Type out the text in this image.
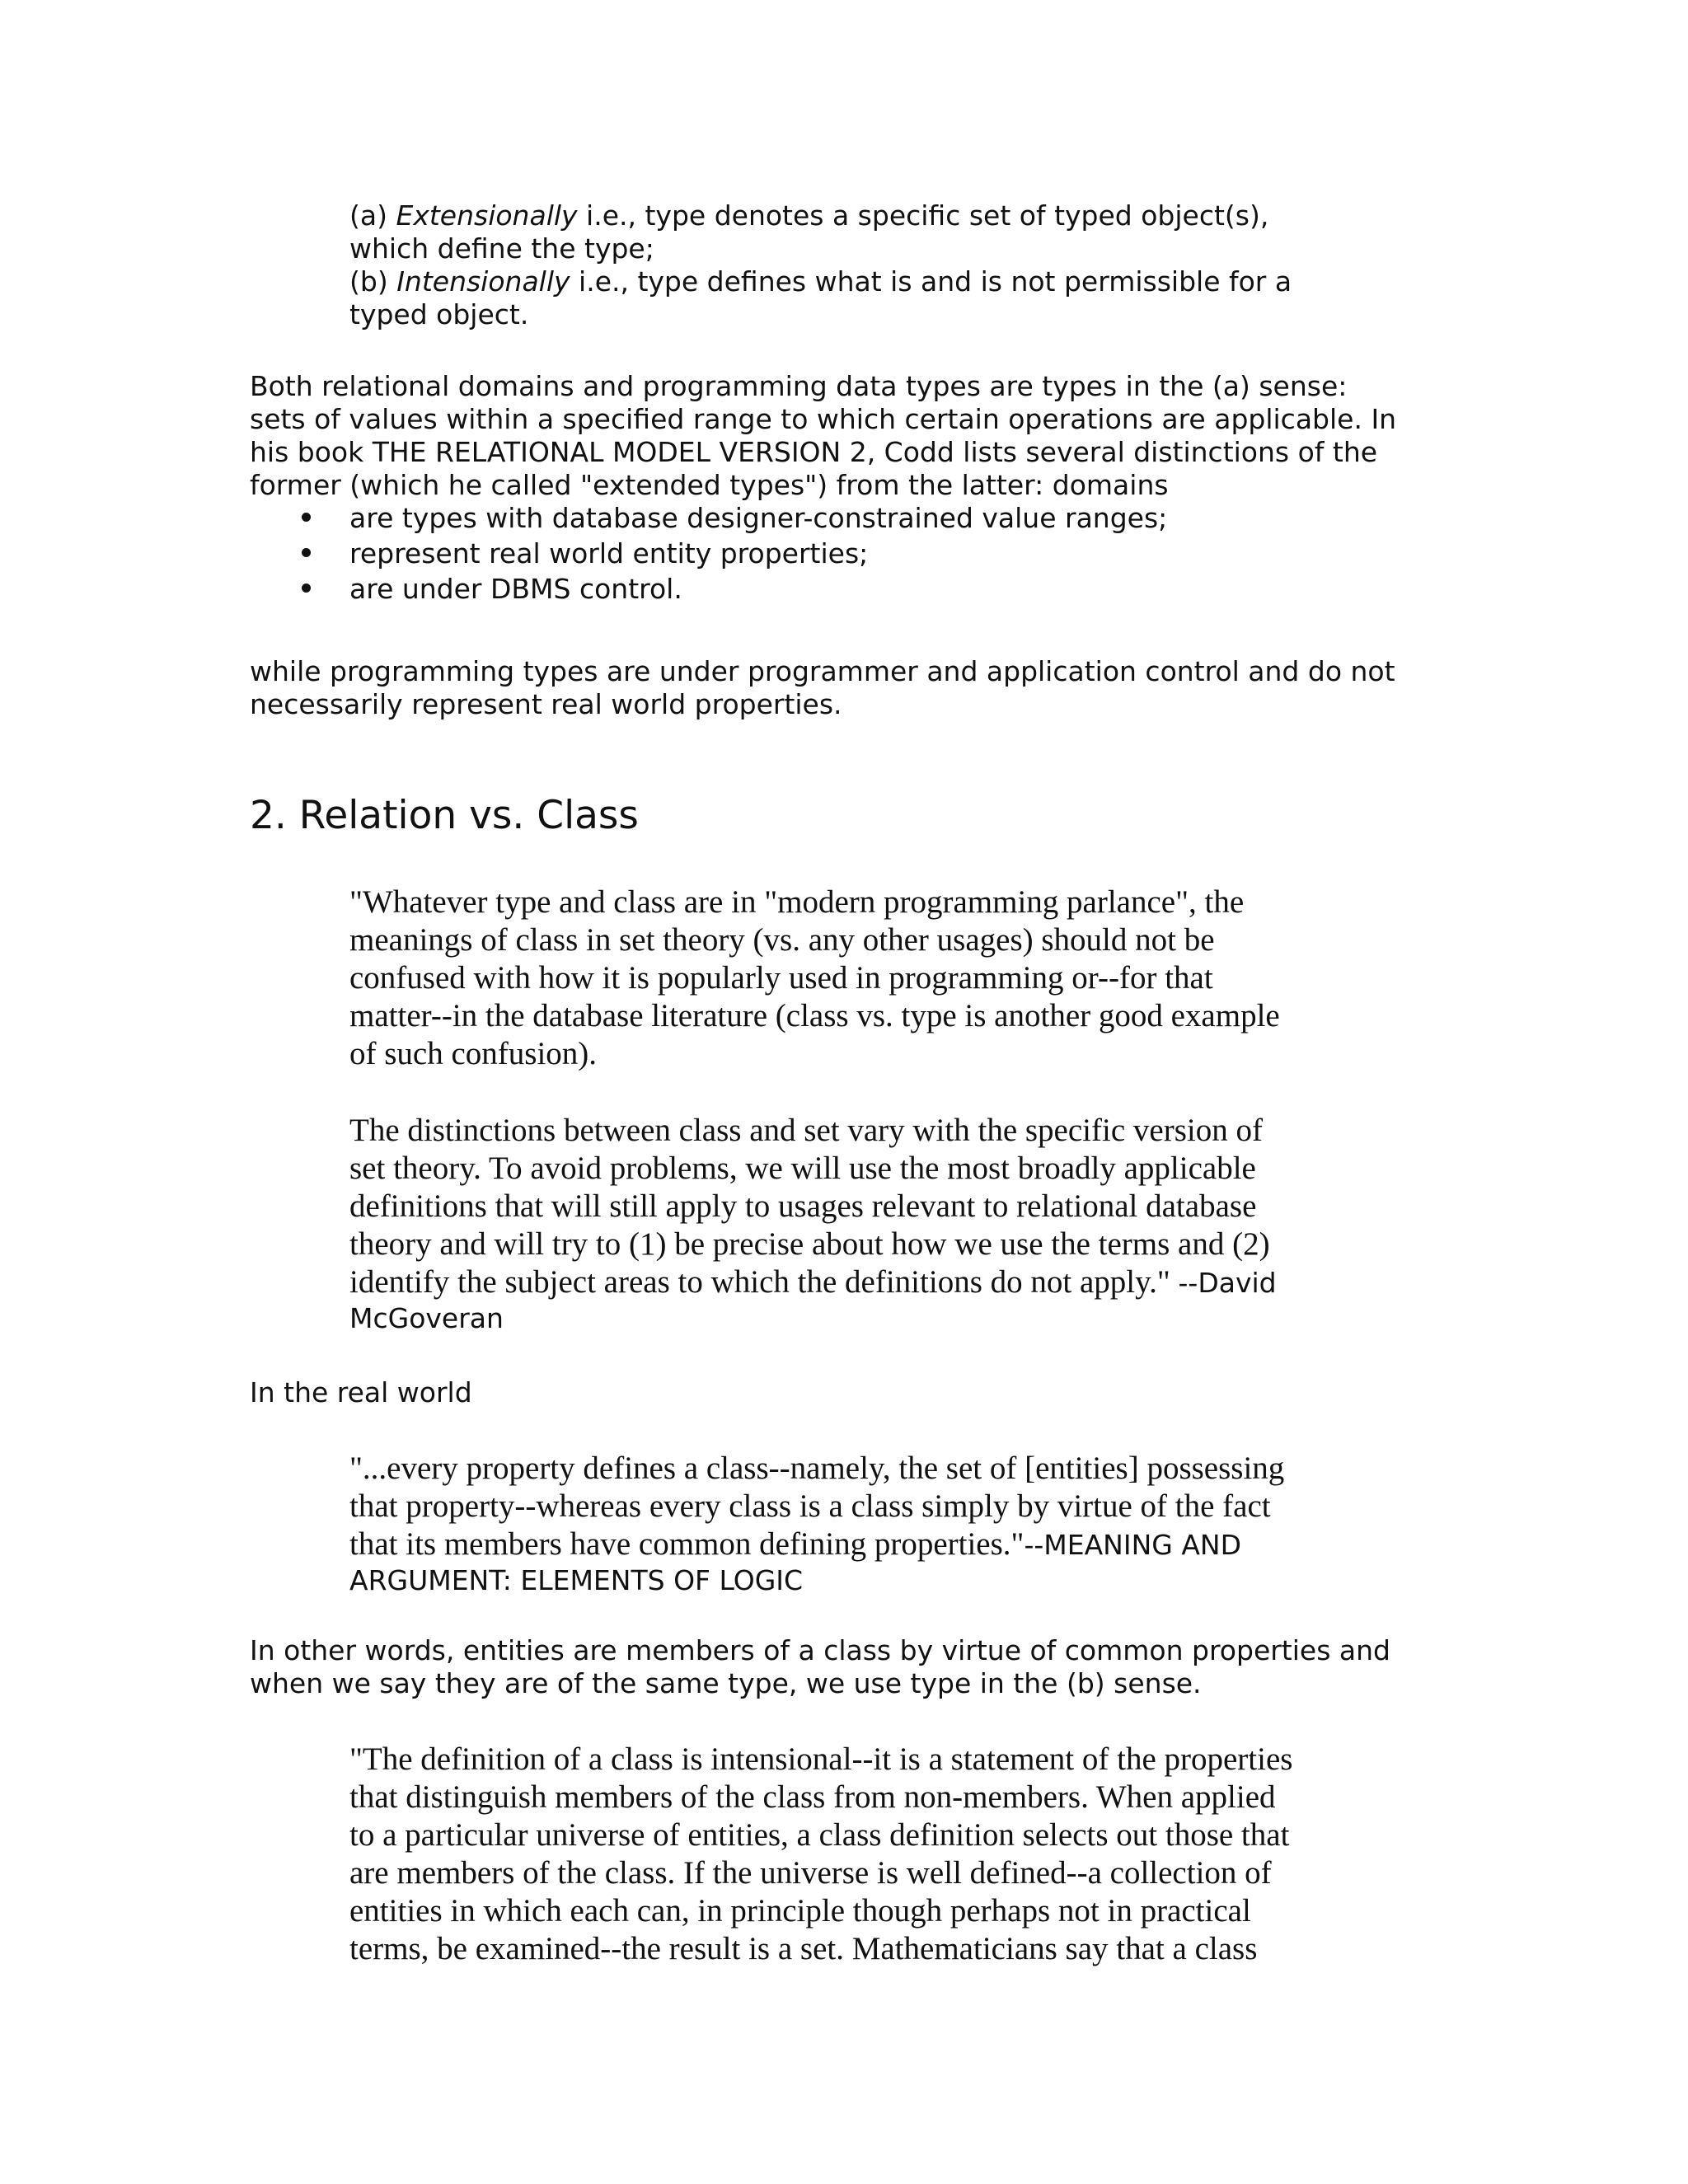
(a) Extensionally i.e., type denotes a specific set of typed object(s),

which define the type;

(b) Intensionally i.e., type defines what is and is not permissible for a

typed object.

Both relational domains and programming data types are types in the (a) sense:

sets of values within a specified range to which certain operations are applicable. In

his book THE RELATIONAL MODEL VERSION 2, Codd lists several distinctions of the

former (which he called "extended types") from the latter: domains

are types with database designer-constrained value ranges;
represent real world entity properties;
are under DBMS control.

while programming types are under programmer and application control and do not

necessarily represent real world properties.

2. Relation vs. Class

"Whatever type and class are in "modern programming parlance", the

meanings of class in set theory (vs. any other usages) should not be

confused with how it is popularly used in programming or--for that

matter--in the database literature (class vs. type is another good example

of such confusion).

The distinctions between class and set vary with the specific version of

set theory. To avoid problems, we will use the most broadly applicable

definitions that will still apply to usages relevant to relational database

theory and will try to (1) be precise about how we use the terms and (2)

identify the subject areas to which the definitions do not apply." --David

McGoveran

In the real world

"...every property defines a class--namely, the set of [entities] possessing

that property--whereas every class is a class simply by virtue of the fact

that its members have common defining properties."--MEANING AND

ARGUMENT: ELEMENTS OF LOGIC

In other words, entities are members of a class by virtue of common properties and

when we say they are of the same type, we use type in the (b) sense.

"The definition of a class is intensional--it is a statement of the properties

that distinguish members of the class from non-members. When applied

to a particular universe of entities, a class definition selects out those that

are members of the class. If the universe is well defined--a collection of

entities in which each can, in principle though perhaps not in practical

terms, be examined--the result is a set. Mathematicians say that a class
